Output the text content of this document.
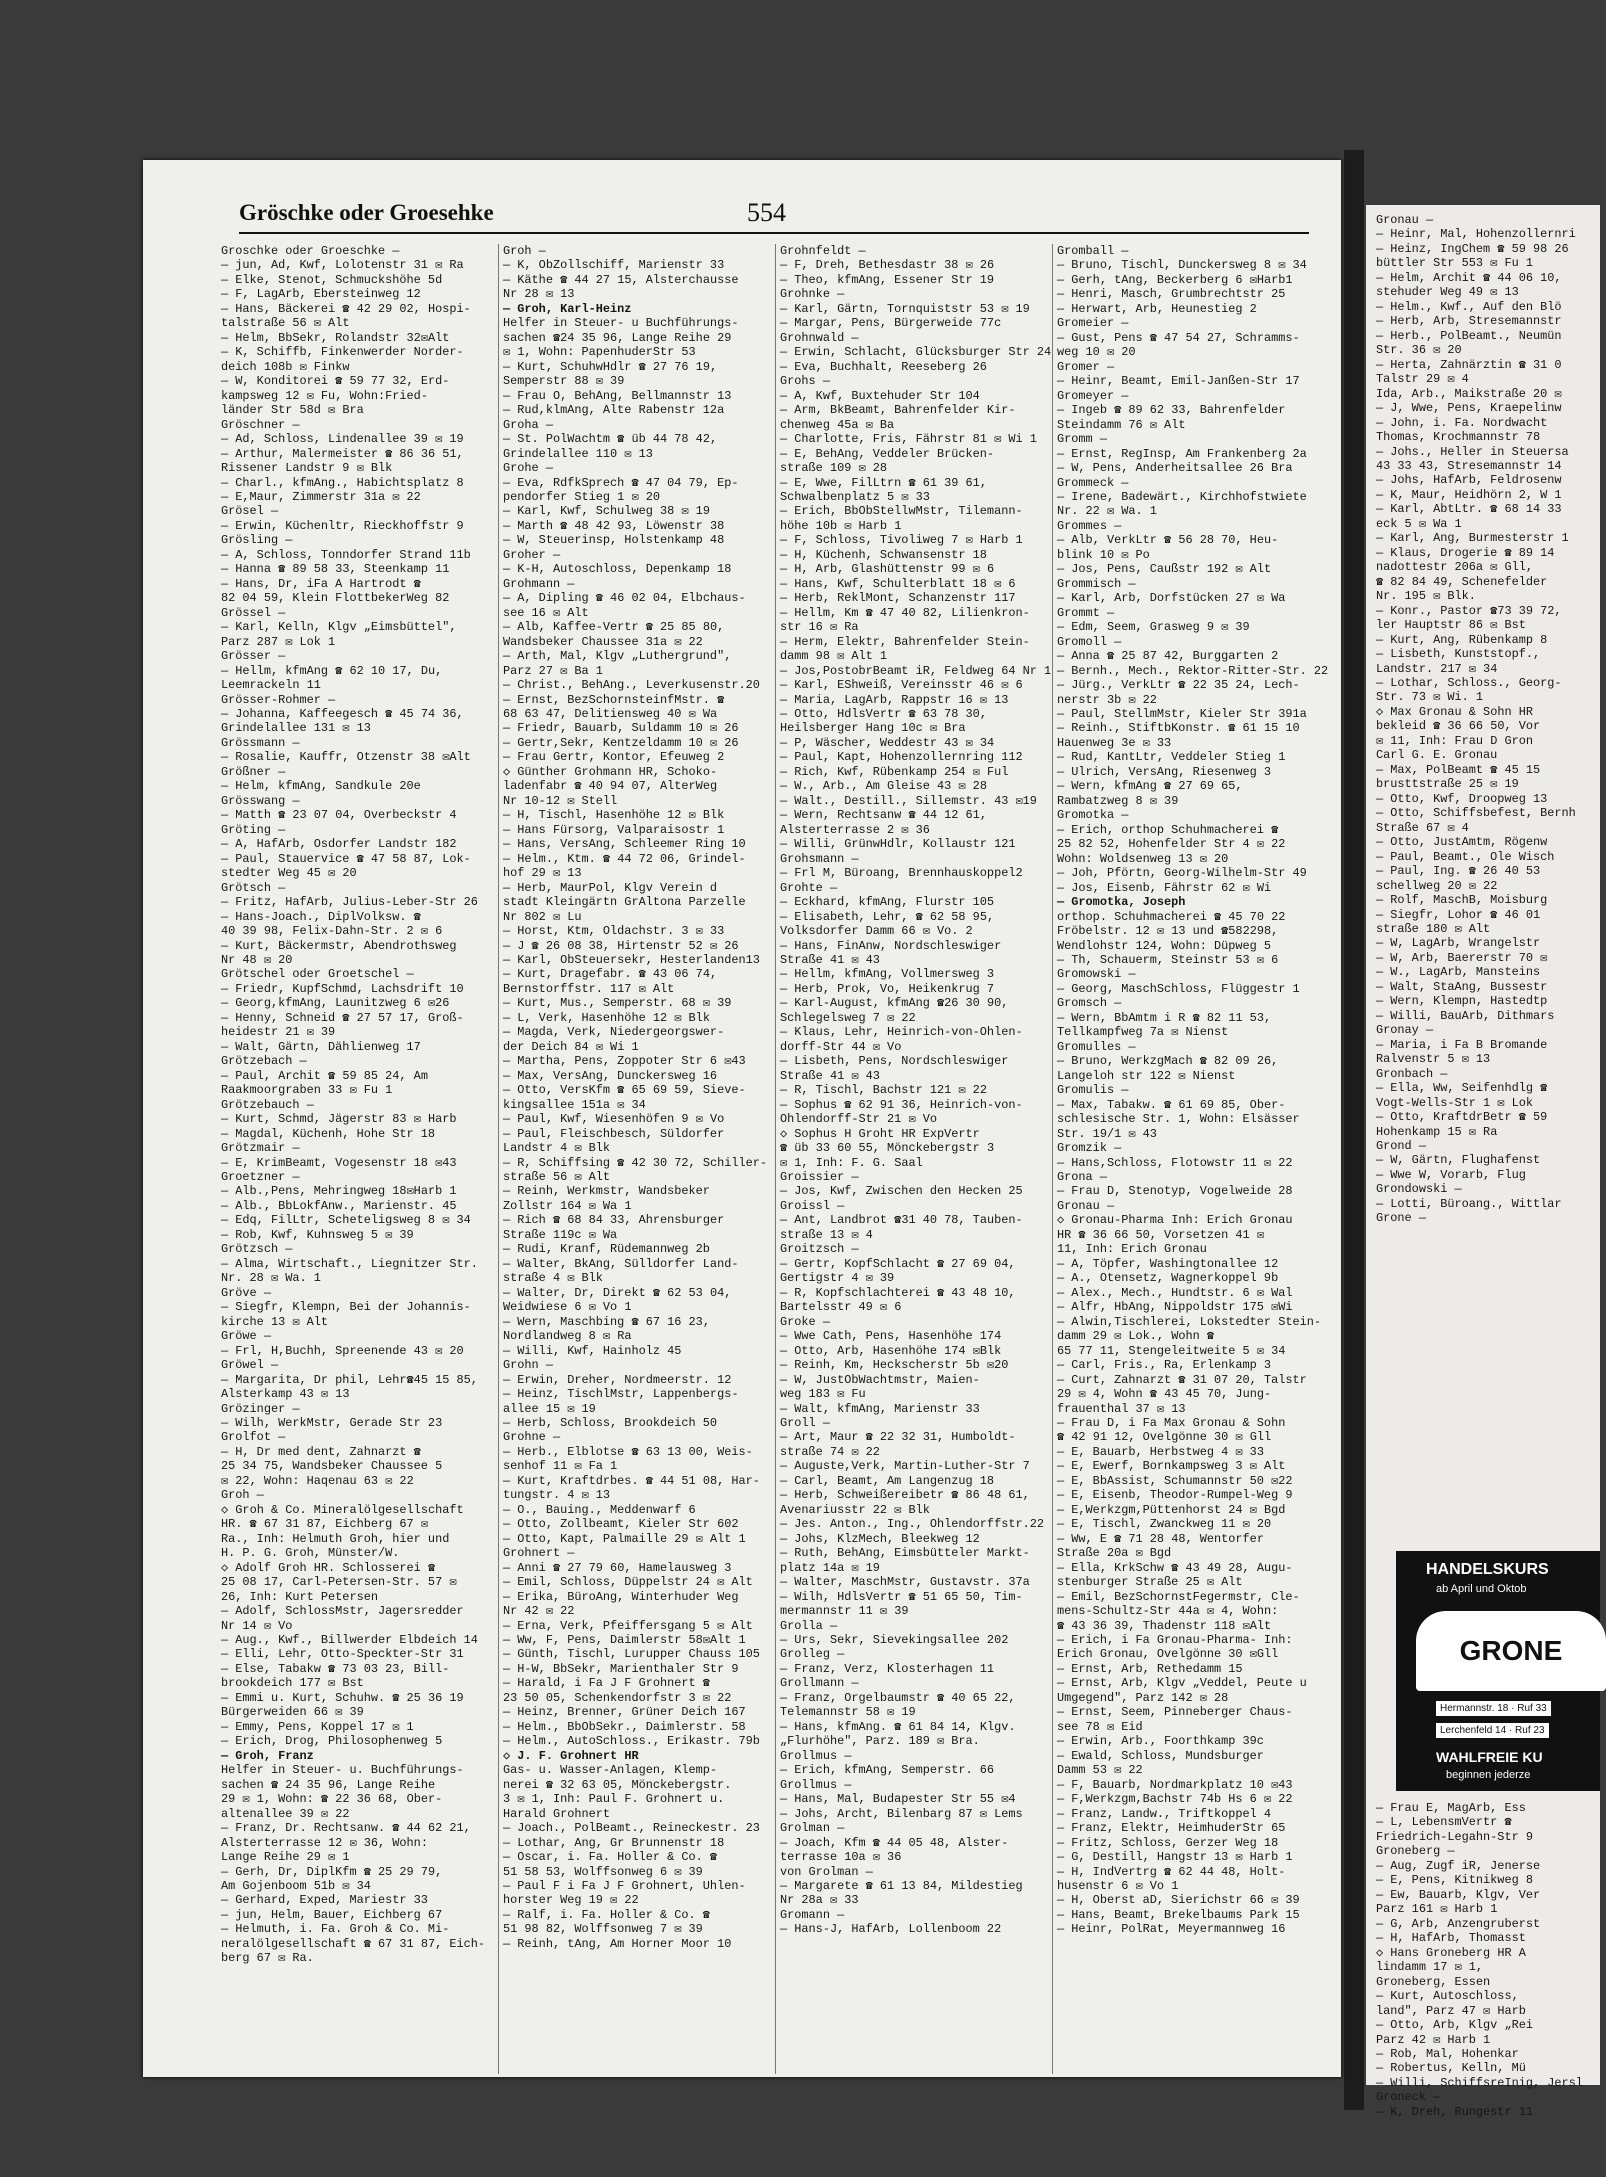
Gröschke oder Groesehke	554
Groschke oder Groeschke —
— jun, Ad, Kwf, Lolotenstr 31 ✉ Ra
— Elke, Stenot, Schmuckshöhe 5d
— F, LagArb, Ebersteinweg 12
— Hans, Bäckerei ☎ 42 29 02, Hospi-
talstraße 56 ✉ Alt
— Helm, BbSekr, Rolandstr 32✉Alt
— K, Schiffb, Finkenwerder Norder-
deich 108b ✉ Finkw
— W, Konditorei ☎ 59 77 32, Erd-
kampsweg 12 ✉ Fu, Wohn:Fried-
länder Str 58d ✉ Bra
Gröschner —
— Ad, Schloss, Lindenallee 39 ✉ 19
— Arthur, Malermeister ☎ 86 36 51,
Rissener Landstr 9 ✉ Blk
— Charl., kfmAng., Habichtsplatz 8
— E,Maur, Zimmerstr 31a ✉ 22
Grösel —
— Erwin, Küchenltr, Rieckhoffstr 9
Grösling —
— A, Schloss, Tonndorfer Strand 11b
— Hanna ☎ 89 58 33, Steenkamp 11
— Hans, Dr, iFa A Hartrodt ☎
82 04 59, Klein FlottbekerWeg 82
Grössel —
— Karl, Kelln, Klgv „Eimsbüttel",
Parz 287 ✉ Lok 1
Grösser —
— Hellm, kfmAng ☎ 62 10 17, Du,
Leemrackeln 11
Grösser-Rohmer —
— Johanna, Kaffeegesch ☎ 45 74 36,
Grindelallee 131 ✉ 13
Grössmann —
— Rosalie, Kauffr, Otzenstr 38 ✉Alt
Größner —
— Helm, kfmAng, Sandkule 20e
Grösswang —
— Matth ☎ 23 07 04, Overbeckstr 4
Gröting —
— A, HafArb, Osdorfer Landstr 182
— Paul, Stauervice ☎ 47 58 87, Lok-
stedter Weg 45 ✉ 20
Grötsch —
— Fritz, HafArb, Julius-Leber-Str 26
— Hans-Joach., DiplVolksw. ☎
40 39 98, Felix-Dahn-Str. 2 ✉ 6
— Kurt, Bäckermstr, Abendrothsweg
Nr 48 ✉ 20
Grötschel oder Groetschel —
— Friedr, KupfSchmd, Lachsdrift 10
— Georg,kfmAng, Launitzweg 6 ✉26
— Henny, Schneid ☎ 27 57 17, Groß-
heidestr 21 ✉ 39
— Walt, Gärtn, Dählienweg 17
Grötzebach —
— Paul, Archit ☎ 59 85 24, Am
Raakmoorgraben 33 ✉ Fu 1
Grötzebauch —
— Kurt, Schmd, Jägerstr 83 ✉ Harb
— Magdal, Küchenh, Hohe Str 18
Grötzmair —
— E, KrimBeamt, Vogesenstr 18 ✉43
Groetzner —
— Alb.,Pens, Mehringweg 18✉Harb 1
— Alb., BbLokfAnw., Marienstr. 45
— Edq, FilLtr, Scheteligsweg 8 ✉ 34
— Rob, Kwf, Kuhnsweg 5 ✉ 39
Grötzsch —
— Alma, Wirtschaft., Liegnitzer Str.
Nr. 28 ✉ Wa. 1
Gröve —
— Siegfr, Klempn, Bei der Johannis-
kirche 13 ✉ Alt
Gröwe —
— Frl, H,Buchh, Spreenende 43 ✉ 20
Gröwel —
— Margarita, Dr phil, Lehr☎45 15 85,
Alsterkamp 43 ✉ 13
Grözinger —
— Wilh, WerkMstr, Gerade Str 23
Grolfot —
— H, Dr med dent, Zahnarzt ☎
25 34 75, Wandsbeker Chaussee 5
✉ 22, Wohn: Haqenau 63 ✉ 22
Groh —
◇ Groh & Co. Mineralölgesellschaft
HR. ☎ 67 31 87, Eichberg 67 ✉
Ra., Inh: Helmuth Groh, hier und
H. P. G. Groh, Münster/W.
◇ Adolf Groh HR. Schlosserei ☎
25 08 17, Carl-Petersen-Str. 57 ✉
26, Inh: Kurt Petersen
— Adolf, SchlossMstr, Jagersredder
Nr 14 ✉ Vo
— Aug., Kwf., Billwerder Elbdeich 14
— Elli, Lehr, Otto-Speckter-Str 31
— Else, Tabakw ☎ 73 03 23, Bill-
brookdeich 177 ✉ Bst
— Emmi u. Kurt, Schuhw. ☎ 25 36 19
Bürgerweiden 66 ✉ 39
— Emmy, Pens, Koppel 17 ✉ 1
— Erich, Drog, Philosophenweg 5
— Groh, Franz
Helfer in Steuer- u. Buchführungs-
sachen ☎ 24 35 96, Lange Reihe
29 ✉ 1, Wohn: ☎ 22 36 68, Ober-
altenallee 39 ✉ 22
— Franz, Dr. Rechtsanw. ☎ 44 62 21,
Alsterterrasse 12 ✉ 36, Wohn:
Lange Reihe 29 ✉ 1
— Gerh, Dr, DiplKfm ☎ 25 29 79,
Am Gojenboom 51b ✉ 34
— Gerhard, Exped, Mariestr 33
— jun, Helm, Bauer, Eichberg 67
— Helmuth, i. Fa. Groh & Co. Mi-
neralölgesellschaft ☎ 67 31 87, Eich-
berg 67 ✉ Ra.
Groh —
— K, ObZollschiff, Marienstr 33
— Käthe ☎ 44 27 15, Alsterchausse
Nr 28 ✉ 13
— Groh, Karl-Heinz
Helfer in Steuer- u Buchführungs-
sachen ☎24 35 96, Lange Reihe 29
✉ 1, Wohn: PapenhuderStr 53
— Kurt, SchuhwHdlr ☎ 27 76 19,
Semperstr 88 ✉ 39
— Frau O, BehAng, Bellmannstr 13
— Rud,klmAng, Alte Rabenstr 12a
Groha —
— St. PolWachtm ☎ üb 44 78 42,
Grindelallee 110 ✉ 13
Grohe —
— Eva, RdfkSprech ☎ 47 04 79, Ep-
pendorfer Stieg 1 ✉ 20
— Karl, Kwf, Schulweg 38 ✉ 19
— Marth ☎ 48 42 93, Löwenstr 38
— W, Steuerinsp, Holstenkamp 48
Groher —
— K-H, Autoschloss, Depenkamp 18
Grohmann —
— A, Dipling ☎ 46 02 04, Elbchaus-
see 16 ✉ Alt
— Alb, Kaffee-Vertr ☎ 25 85 80,
Wandsbeker Chaussee 31a ✉ 22
— Arth, Mal, Klgv „Luthergrund",
Parz 27 ✉ Ba 1
— Christ., BehAng., Leverkusenstr.20
— Ernst, BezSchornsteinfMstr. ☎
68 63 47, Delitiensweg 40 ✉ Wa
— Friedr, Bauarb, Suldamm 10 ✉ 26
— Gertr,Sekr, Kentzeldamm 10 ✉ 26
— Frau Gertr, Kontor, Efeuweg 2
◇ Günther Grohmann HR, Schoko-
ladenfabr ☎ 40 94 07, AlterWeg
Nr 10-12 ✉ Stell
— H, Tischl, Hasenhöhe 12 ✉ Blk
— Hans Fürsorg, Valparaisostr 1
— Hans, VersAng, Schleemer Ring 10
— Helm., Ktm. ☎ 44 72 06, Grindel-
hof 29 ✉ 13
— Herb, MaurPol, Klgv Verein d
stadt Kleingärtn GrAltona Parzelle
Nr 802 ✉ Lu
— Horst, Ktm, Oldachstr. 3 ✉ 33
— J ☎ 26 08 38, Hirtenstr 52 ✉ 26
— Karl, ObSteuersekr, Hesterlanden13
— Kurt, Dragefabr. ☎ 43 06 74,
Bernstorffstr. 117 ✉ Alt
— Kurt, Mus., Semperstr. 68 ✉ 39
— L, Verk, Hasenhöhe 12 ✉ Blk
— Magda, Verk, Niedergeorgswer-
der Deich 84 ✉ Wi 1
— Martha, Pens, Zoppoter Str 6 ✉43
— Max, VersAng, Dunckersweg 16
— Otto, VersKfm ☎ 65 69 59, Sieve-
kingsallee 151a ✉ 34
— Paul, Kwf, Wiesenhöfen 9 ✉ Vo
— Paul, Fleischbesch, Süldorfer
Landstr 4 ✉ Blk
— R, Schiffsing ☎ 42 30 72, Schiller-
straße 56 ✉ Alt
— Reinh, Werkmstr, Wandsbeker
Zollstr 164 ✉ Wa 1
— Rich ☎ 68 84 33, Ahrensburger
Straße 119c ✉ Wa
— Rudi, Kranf, Rüdemannweg 2b
— Walter, BkAng, Sülldorfer Land-
straße 4 ✉ Blk
— Walter, Dr, Direkt ☎ 62 53 04,
Weidwiese 6 ✉ Vo 1
— Wern, Maschbing ☎ 67 16 23,
Nordlandweg 8 ✉ Ra
— Willi, Kwf, Hainholz 45
Grohn —
— Erwin, Dreher, Nordmeerstr. 12
— Heinz, TischlMstr, Lappenbergs-
allee 15 ✉ 19
— Herb, Schloss, Brookdeich 50
Grohne —
— Herb., Elblotse ☎ 63 13 00, Weis-
senhof 11 ✉ Fa 1
— Kurt, Kraftdrbes. ☎ 44 51 08, Har-
tungstr. 4 ✉ 13
— O., Bauing., Meddenwarf 6
— Otto, Zollbeamt, Kieler Str 602
— Otto, Kapt, Palmaille 29 ✉ Alt 1
Grohnert —
— Anni ☎ 27 79 60, Hamelausweg 3
— Emil, Schloss, Düppelstr 24 ✉ Alt
— Erika, BüroAng, Winterhuder Weg
Nr 42 ✉ 22
— Erna, Verk, Pfeiffersgang 5 ✉ Alt
— Ww, F, Pens, Daimlerstr 58✉Alt 1
— Günth, Tischl, Lurupper Chauss 105
— H-W, BbSekr, Marienthaler Str 9
— Harald, i Fa J F Grohnert ☎
23 50 05, Schenkendorfstr 3 ✉ 22
— Heinz, Brenner, Grüner Deich 167
— Helm., BbObSekr., Daimlerstr. 58
— Helm., AutoSchloss., Erikastr. 79b
◇ J. F. Grohnert HR
Gas- u. Wasser-Anlagen, Klemp-
nerei ☎ 32 63 05, Mönckebergstr.
3 ✉ 1, Inh: Paul F. Grohnert u.
Harald Grohnert
— Joach., PolBeamt., Reineckestr. 23
— Lothar, Ang, Gr Brunnenstr 18
— Oscar, i. Fa. Holler & Co. ☎
51 58 53, Wolffsonweg 6 ✉ 39
— Paul F i Fa J F Grohnert, Uhlen-
horster Weg 19 ✉ 22
— Ralf, i. Fa. Holler & Co. ☎
51 98 82, Wolffsonweg 7 ✉ 39
— Reinh, tAng, Am Horner Moor 10
Grohnfeldt —
— F, Dreh, Bethesdastr 38 ✉ 26
— Theo, kfmAng, Essener Str 19
Grohnke —
— Karl, Gärtn, Tornquiststr 53 ✉ 19
— Margar, Pens, Bürgerweide 77c
Grohnwald —
— Erwin, Schlacht, Glücksburger Str 24
— Eva, Buchhalt, Reeseberg 26
Grohs —
— A, Kwf, Buxtehuder Str 104
— Arm, BkBeamt, Bahrenfelder Kir-
chenweg 45a ✉ Ba
— Charlotte, Fris, Fährstr 81 ✉ Wi 1
— E, BehAng, Veddeler Brücken-
straße 109 ✉ 28
— E, Wwe, FilLtrn ☎ 61 39 61,
Schwalbenplatz 5 ✉ 33
— Erich, BbObStellwMstr, Tilemann-
höhe 10b ✉ Harb 1
— F, Schloss, Tivoliweg 7 ✉ Harb 1
— H, Küchenh, Schwansenstr 18
— H, Arb, Glashüttenstr 99 ✉ 6
— Hans, Kwf, Schulterblatt 18 ✉ 6
— Herb, ReklMont, Schanzenstr 117
— Hellm, Km ☎ 47 40 82, Lilienkron-
str 16 ✉ Ra
— Herm, Elektr, Bahrenfelder Stein-
damm 98 ✉ Alt 1
— Jos,PostobrBeamt iR, Feldweg 64 Nr 1
— Karl, EShweiß, Vereinsstr 46 ✉ 6
— Maria, LagArb, Rappstr 16 ✉ 13
— Otto, HdlsVertr ☎ 63 78 30,
Heilsberger Hang 10c ✉ Bra
— P, Wäscher, Weddestr 43 ✉ 34
— Paul, Kapt, Hohenzollernring 112
— Rich, Kwf, Rübenkamp 254 ✉ Ful
— W., Arb., Am Gleise 43 ✉ 28
— Walt., Destill., Sillemstr. 43 ✉19
— Wern, Rechtsanw ☎ 44 12 61,
Alsterterrasse 2 ✉ 36
— Willi, GrünwHdlr, Kollaustr 121
Grohsmann —
— Frl M, Büroang, Brennhauskoppel2
Grohte —
— Eckhard, kfmAng, Flurstr 105
— Elisabeth, Lehr, ☎ 62 58 95,
Volksdorfer Damm 66 ✉ Vo. 2
— Hans, FinAnw, Nordschleswiger
Straße 41 ✉ 43
— Hellm, kfmAng, Vollmersweg 3
— Herb, Prok, Vo, Heikenkrug 7
— Karl-August, kfmAng ☎26 30 90,
Schlegelsweg 7 ✉ 22
— Klaus, Lehr, Heinrich-von-Ohlen-
dorff-Str 44 ✉ Vo
— Lisbeth, Pens, Nordschleswiger
Straße 41 ✉ 43
— R, Tischl, Bachstr 121 ✉ 22
— Sophus ☎ 62 91 36, Heinrich-von-
Ohlendorff-Str 21 ✉ Vo
◇ Sophus H Groht HR ExpVertr
☎ üb 33 60 55, Mönckebergstr 3
✉ 1, Inh: F. G. Saal
Groissier —
— Jos, Kwf, Zwischen den Hecken 25
Groissl —
— Ant, Landbrot ☎31 40 78, Tauben-
straße 13 ✉ 4
Groitzsch —
— Gertr, KopfSchlacht ☎ 27 69 04,
Gertigstr 4 ✉ 39
— R, Kopfschlachterei ☎ 43 48 10,
Bartelsstr 49 ✉ 6
Groke —
— Wwe Cath, Pens, Hasenhöhe 174
— Otto, Arb, Hasenhöhe 174 ✉Blk
— Reinh, Km, Heckscherstr 5b ✉20
— W, JustObWachtmstr, Maien-
weg 183 ✉ Fu
— Walt, kfmAng, Marienstr 33
Groll —
— Art, Maur ☎ 22 32 31, Humboldt-
straße 74 ✉ 22
— Auguste,Verk, Martin-Luther-Str 7
— Carl, Beamt, Am Langenzug 18
— Herb, Schweißereibetr ☎ 86 48 61,
Avenariusstr 22 ✉ Blk
— Jes. Anton., Ing., Ohlendorffstr.22
— Johs, KlzMech, Bleekweg 12
— Ruth, BehAng, Eimsbütteler Markt-
platz 14a ✉ 19
— Walter, MaschMstr, Gustavstr. 37a
— Wilh, HdlsVertr ☎ 51 65 50, Tim-
mermannstr 11 ✉ 39
Grolla —
— Urs, Sekr, Sievekingsallee 202
Grolleg —
— Franz, Verz, Klosterhagen 11
Grollmann —
— Franz, Orgelbaumstr ☎ 40 65 22,
Telemannstr 58 ✉ 19
— Hans, kfmAng. ☎ 61 84 14, Klgv.
„Flurhöhe", Parz. 189 ✉ Bra.
Grollmus —
— Erich, kfmAng, Semperstr. 66
Grollmus —
— Hans, Mal, Budapester Str 55 ✉4
— Johs, Archt, Bilenbarg 87 ✉ Lems
Grolman —
— Joach, Kfm ☎ 44 05 48, Alster-
terrasse 10a ✉ 36
von Grolman —
— Margarete ☎ 61 13 84, Mildestieg
Nr 28a ✉ 33
Gromann —
— Hans-J, HafArb, Lollenboom 22
Gromball —
— Bruno, Tischl, Dunckersweg 8 ✉ 34
— Gerh, tAng, Beckerberg 6 ✉Harb1
— Henri, Masch, Grumbrechtstr 25
— Herwart, Arb, Heunestieg 2
Gromeier —
— Gust, Pens ☎ 47 54 27, Schramms-
weg 10 ✉ 20
Gromer —
— Heinr, Beamt, Emil-Janßen-Str 17
Gromeyer —
— Ingeb ☎ 89 62 33, Bahrenfelder
Steindamm 76 ✉ Alt
Gromm —
— Ernst, RegInsp, Am Frankenberg 2a
— W, Pens, Anderheitsallee 26 Bra
Grommeck —
— Irene, Badewärt., Kirchhofstwiete
Nr. 22 ✉ Wa. 1
Grommes —
— Alb, VerkLtr ☎ 56 28 70, Heu-
blink 10 ✉ Po
— Jos, Pens, Caußstr 192 ✉ Alt
Grommisch —
— Karl, Arb, Dorfstücken 27 ✉ Wa
Grommt —
— Edm, Seem, Grasweg 9 ✉ 39
Gromoll —
— Anna ☎ 25 87 42, Burggarten 2
— Bernh., Mech., Rektor-Ritter-Str. 22
— Jürg., VerkLtr ☎ 22 35 24, Lech-
nerstr 3b ✉ 22
— Paul, StellmMstr, Kieler Str 391a
— Reinh., StiftbKonstr. ☎ 61 15 10
Hauenweg 3e ✉ 33
— Rud, KantLtr, Veddeler Stieg 1
— Ulrich, VersAng, Riesenweg 3
— Wern, kfmAng ☎ 27 69 65,
Rambatzweg 8 ✉ 39
Gromotka —
— Erich, orthop Schuhmacherei ☎
25 82 52, Hohenfelder Str 4 ✉ 22
Wohn: Woldsenweg 13 ✉ 20
— Joh, Pförtn, Georg-Wilhelm-Str 49
— Jos, Eisenb, Fährstr 62 ✉ Wi
— Gromotka, Joseph
orthop. Schuhmacherei ☎ 45 70 22
Fröbelstr. 12 ✉ 13 und ☎582298,
Wendlohstr 124, Wohn: Düpweg 5
— Th, Schauerm, Steinstr 53 ✉ 6
Gromowski —
— Georg, MaschSchloss, Flüggestr 1
Gromsch —
— Wern, BbAmtm i R ☎ 82 11 53,
Tellkampfweg 7a ✉ Nienst
Gromulles —
— Bruno, WerkzgMach ☎ 82 09 26,
Langeloh str 122 ✉ Nienst
Gromulis —
— Max, Tabakw. ☎ 61 69 85, Ober-
schlesische Str. 1, Wohn: Elsässer
Str. 19/1 ✉ 43
Gromzik —
— Hans,Schloss, Flotowstr 11 ✉ 22
Grona —
— Frau D, Stenotyp, Vogelweide 28
Gronau —
◇ Gronau-Pharma Inh: Erich Gronau
HR ☎ 36 66 50, Vorsetzen 41 ✉
11, Inh: Erich Gronau
— A, Töpfer, Washingtonallee 12
— A., Otensetz, Wagnerkoppel 9b
— Alex., Mech., Hundtstr. 6 ✉ Wal
— Alfr, HbAng, Nippoldstr 175 ✉Wi
— Alwin,Tischlerei, Lokstedter Stein-
damm 29 ✉ Lok., Wohn ☎
65 77 11, Stengeleitweite 5 ✉ 34
— Carl, Fris., Ra, Erlenkamp 3
— Curt, Zahnarzt ☎ 31 07 20, Talstr
29 ✉ 4, Wohn ☎ 43 45 70, Jung-
frauenthal 37 ✉ 13
— Frau D, i Fa Max Gronau & Sohn
☎ 42 91 12, Ovelgönne 30 ✉ Gll
— E, Bauarb, Herbstweg 4 ✉ 33
— E, Ewerf, Bornkampsweg 3 ✉ Alt
— E, BbAssist, Schumannstr 50 ✉22
— E, Eisenb, Theodor-Rumpel-Weg 9
— E,Werkzgm,Püttenhorst 24 ✉ Bgd
— E, Tischl, Zwanckweg 11 ✉ 20
— Ww, E ☎ 71 28 48, Wentorfer
Straße 20a ✉ Bgd
— Ella, KrkSchw ☎ 43 49 28, Augu-
stenburger Straße 25 ✉ Alt
— Emil, BezSchornstFegermstr, Cle-
mens-Schultz-Str 44a ✉ 4, Wohn:
☎ 43 36 39, Thadenstr 118 ✉Alt
— Erich, i Fa Gronau-Pharma- Inh:
Erich Gronau, Ovelgönne 30 ✉Gll
— Ernst, Arb, Rethedamm 15
— Ernst, Arb, Klgv „Veddel, Peute u
Umgegend", Parz 142 ✉ 28
— Ernst, Seem, Pinneberger Chaus-
see 78 ✉ Eid
— Erwin, Arb., Foorthkamp 39c
— Ewald, Schloss, Mundsburger
Damm 53 ✉ 22
— F, Bauarb, Nordmarkplatz 10 ✉43
— F,Werkzgm,Bachstr 74b Hs 6 ✉ 22
— Franz, Landw., Triftkoppel 4
— Franz, Elektr, HeimhuderStr 65
— Fritz, Schloss, Gerzer Weg 18
— G, Destill, Hangstr 13 ✉ Harb 1
— H, IndVertrg ☎ 62 44 48, Holt-
husenstr 6 ✉ Vo 1
— H, Oberst aD, Sierichstr 66 ✉ 39
— Hans, Beamt, Brekelbaums Park 15
— Heinr, PolRat, Meyermannweg 16
Gronau —
— Heinr, Mal, Hohenzollernri
— Heinz, IngChem ☎ 59 98 26
büttler Str 553 ✉ Fu 1
— Helm, Archit ☎ 44 06 10,
stehuder Weg 49 ✉ 13
— Helm., Kwf., Auf den Blö
— Herb, Arb, Stresemannstr
— Herb., PolBeamt., Neumün
Str. 36 ✉ 20
— Herta, Zahnärztin ☎ 31 0
Talstr 29 ✉ 4
Ida, Arb., Maikstraße 20 ✉
— J, Wwe, Pens, Kraepelinw
— John, i. Fa. Nordwacht
Thomas, Krochmannstr 78
— Johs., Heller in Steuersa
43 33 43, Stresemannstr 14
— Johs, HafArb, Feldrosenw
— K, Maur, Heidhörn 2, W 1
— Karl, AbtLtr. ☎ 68 14 33
eck 5 ✉ Wa 1
— Karl, Ang, Burmesterstr 1
— Klaus, Drogerie ☎ 89 14
nadottestr 206a ✉ Gll,
☎ 82 84 49, Schenefelder
Nr. 195 ✉ Blk.
— Konr., Pastor ☎73 39 72,
ler Hauptstr 86 ✉ Bst
— Kurt, Ang, Rübenkamp 8
— Lisbeth, Kunststopf.,
Landstr. 217 ✉ 34
— Lothar, Schloss., Georg-
Str. 73 ✉ Wi. 1
◇ Max Gronau & Sohn HR
bekleid ☎ 36 66 50, Vor
✉ 11, Inh: Frau D Gron
Carl G. E. Gronau
— Max, PolBeamt ☎ 45 15
brusttstraße 25 ✉ 19
— Otto, Kwf, Droopweg 13
— Otto, Schiffsbefest, Bernh
Straße 67 ✉ 4
— Otto, JustAmtm, Rögenw
— Paul, Beamt., Ole Wisch
— Paul, Ing. ☎ 26 40 53
schellweg 20 ✉ 22
— Rolf, MaschB, Moisburg
— Siegfr, Lohor ☎ 46 01
straße 180 ✉ Alt
— W, LagArb, Wrangelstr
— W, Arb, Baererstr 70 ✉
— W., LagArb, Mansteins
— Walt, StaAng, Bussestr
— Wern, Klempn, Hastedtp
— Willi, BauArb, Dithmars
Gronay —
— Maria, i Fa B Bromande
Ralvenstr 5 ✉ 13
Gronbach —
— Ella, Ww, Seifenhdlg ☎
Vogt-Wells-Str 1 ✉ Lok
— Otto, KraftdrBetr ☎ 59
Hohenkamp 15 ✉ Ra
Grond —
— W, Gärtn, Flughafenst
— Wwe W, Vorarb, Flug
Grondowski —
— Lotti, Büroang., Wittlar
Grone —
HANDELSKURS
ab April und Oktob
GRONE
Hermannstr. 18 · Ruf 33
Lerchenfeld 14 · Ruf 23
WAHLFREIE KU
beginnen jederze
— Frau E, MagArb, Ess
— L, LebensmVertr ☎
Friedrich-Legahn-Str 9
Groneberg —
— Aug, Zugf iR, Jenerse
— E, Pens, Kitnikweg 8
— Ew, Bauarb, Klgv, Ver
Parz 161 ✉ Harb 1
— G, Arb, Anzengruberst
— H, HafArb, Thomasst
◇ Hans Groneberg HR A
lindamm 17 ✉ 1,
Groneberg, Essen
— Kurt, Autoschloss,
land", Parz 47 ✉ Harb
— Otto, Arb, Klgv „Rei
Parz 42 ✉ Harb 1
— Rob, Mal, Hohenkar
— Robertus, Kelln, Mü
— Willi, SchiffsreInig, Jersl
Groneck —
— K, Dreh, Rungestr 11
